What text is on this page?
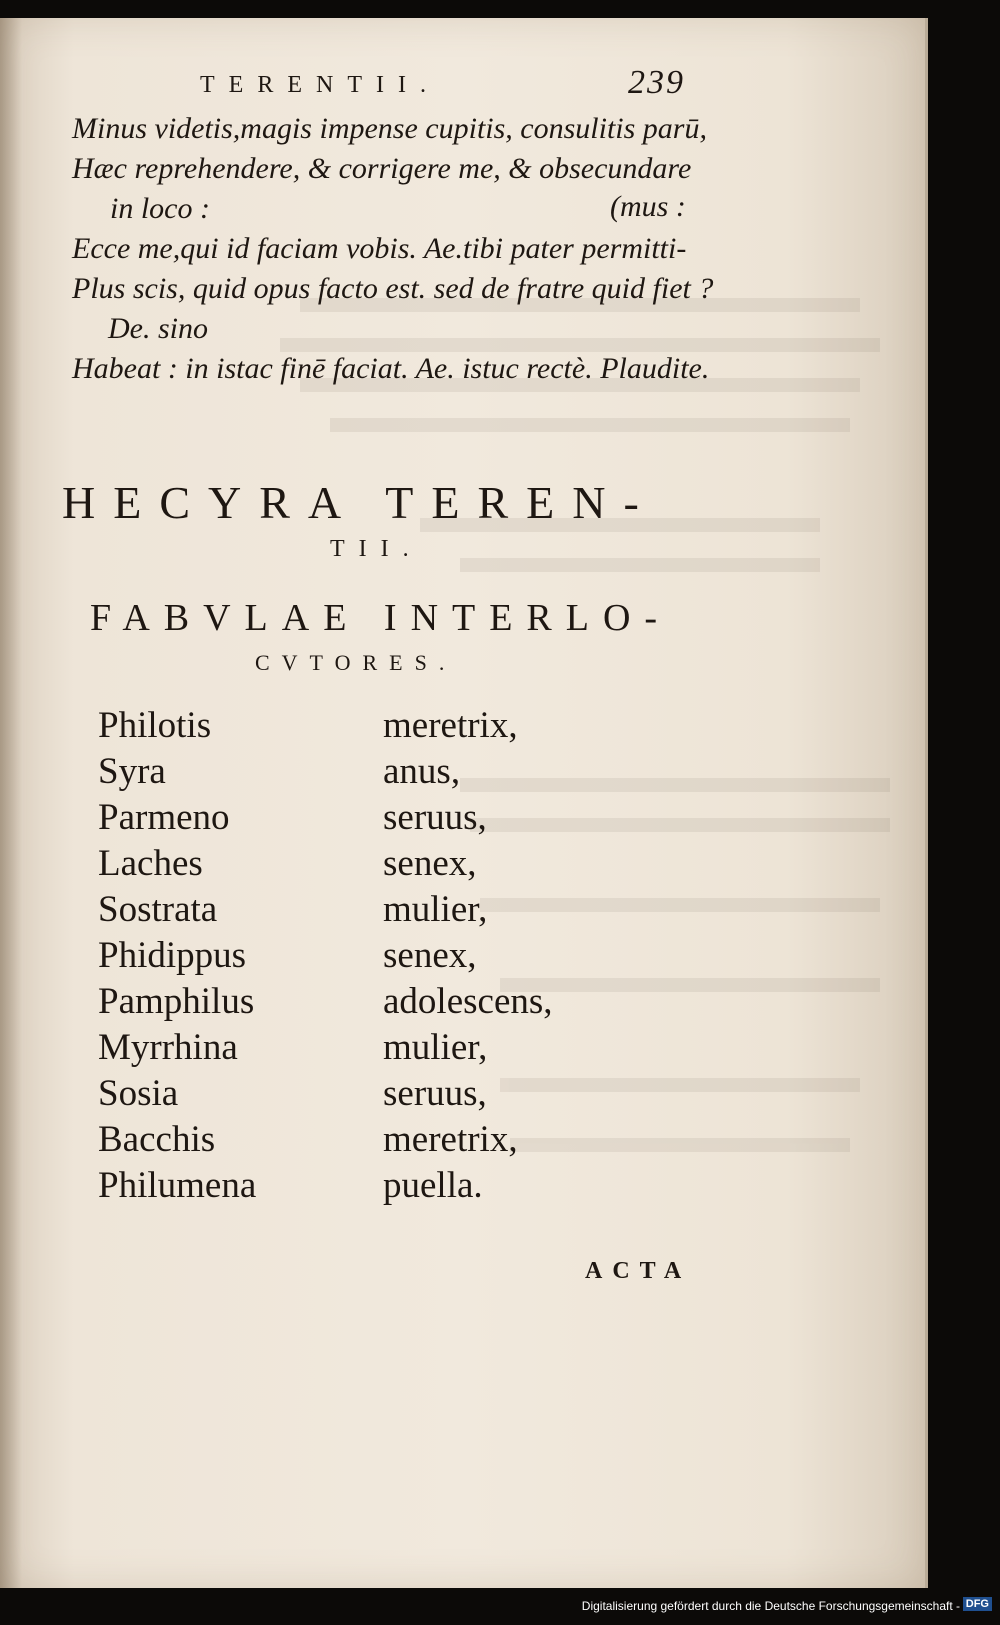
TERENTII.	239
Minus videtis,magis impense cupitis, consulitis parū,
Hæc reprehendere, & corrigere me, & obsecundare
in loco :	(mus :
Ecce me,qui id faciam vobis. Ae.tibi pater permitti-
Plus scis, quid opus facto est. sed de fratre quid fiet ?
De. sino
Habeat : in istac finē faciat. Ae. istuc rectè. Plaudite.
HECYRA TEREN-
TII.
FABVLAE INTERLO-
CVTORES.
Philotis	meretrix,
Syra	anus,
Parmeno	seruus,
Laches	senex,
Sostrata	mulier,
Phidippus	senex,
Pamphilus	adolescens,
Myrrhina	mulier,
Sosia	seruus,
Bacchis	meretrix,
Philumena	puella.
ACTA
Digitalisierung gefördert durch die Deutsche Forschungsgemeinschaft - DFG
